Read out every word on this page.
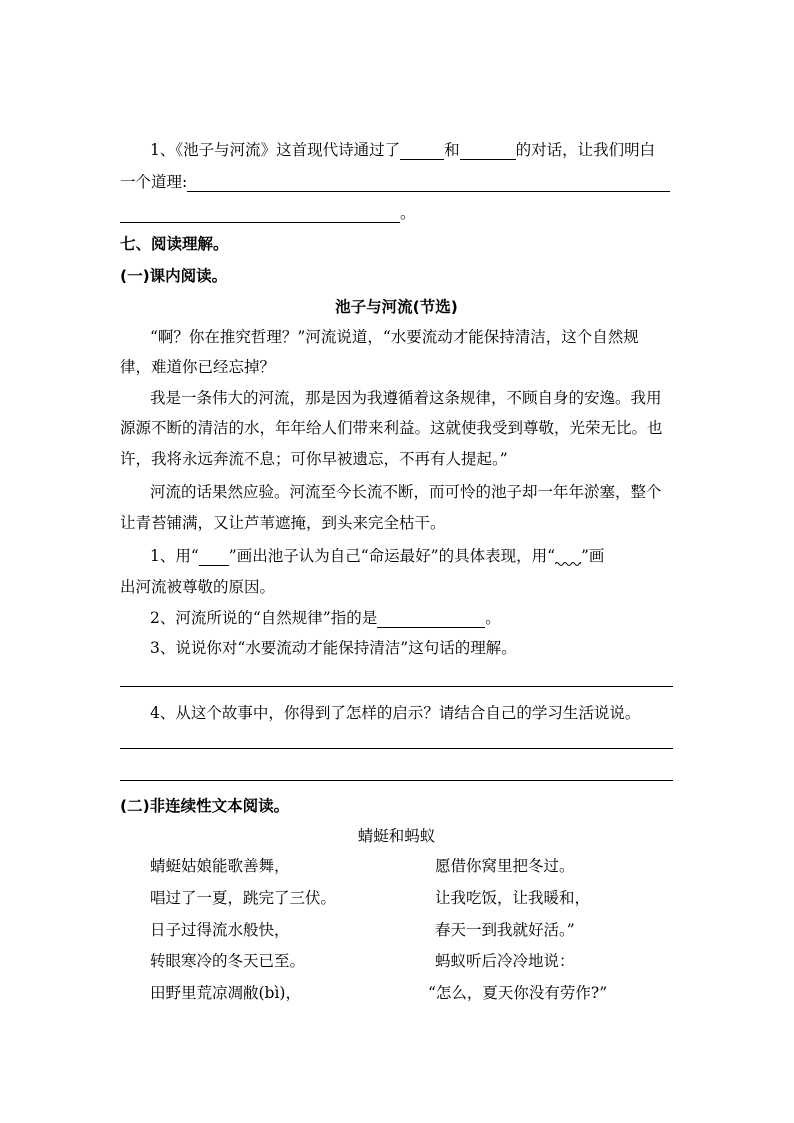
1、《池子与河流》这首现代诗通过了	和	的对话，让我们明白
一个道理:
。
七、阅读理解。
(一)课内阅读。
池子与河流(节选)
“啊？你在推究哲理？”河流说道，“水要流动才能保持清洁，这个自然规
律，难道你已经忘掉？
我是一条伟大的河流，那是因为我遵循着这条规律，不顾自身的安逸。我用
源源不断的清洁的水，年年给人们带来利益。这就使我受到尊敬，光荣无比。也
许，我将永远奔流不息；可你早被遗忘，不再有人提起。”
河流的话果然应验。河流至今长流不断，而可怜的池子却一年年淤塞，整个
让青苔铺满，又让芦苇遮掩，到头来完全枯干。
1、用“ ”画出池子认为自己“命运最好”的具体表现，用“ ”画
出河流被尊敬的原因。
2、河流所说的“自然规律”指的是	。
3、说说你对“水要流动才能保持清洁”这句话的理解。
4、从这个故事中，你得到了怎样的启示？请结合自己的学习生活说说。
(二)非连续性文本阅读。
蜻蜓和蚂蚁
蜻蜓姑娘能歌善舞，
唱过了一夏，跳完了三伏。
日子过得流水般快，
转眼寒冷的冬天已至。
田野里荒凉凋敝(bì)，
愿借你窝里把冬过。
让我吃饭，让我暖和，
春天一到我就好活。”
蚂蚁听后冷冷地说：
“怎么，夏天你没有劳作?”
